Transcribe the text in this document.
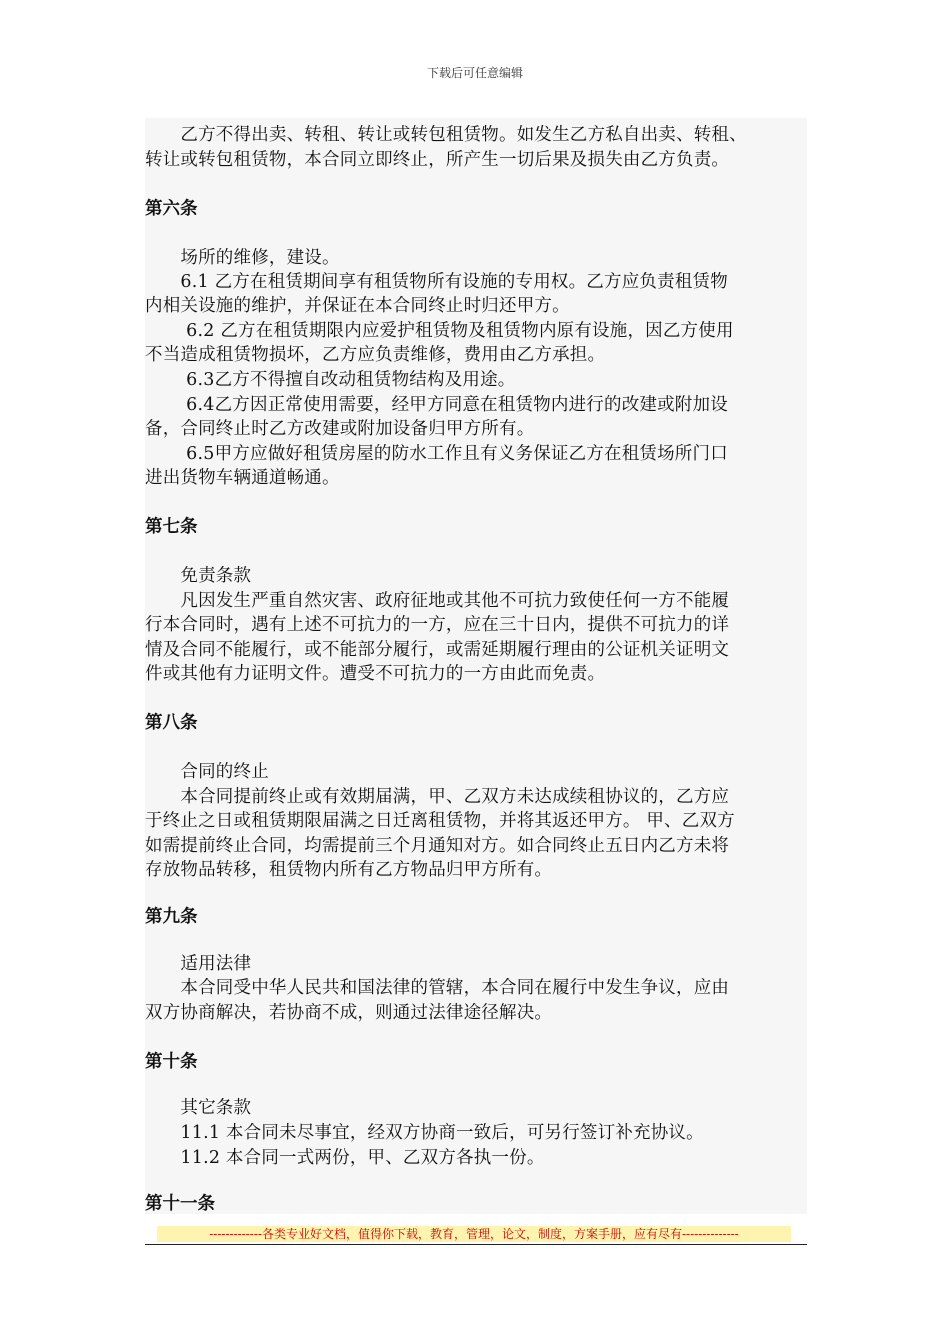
下载后可任意编辑

　　乙方不得出卖、转租、转让或转包租赁物。如发生乙方私自出卖、转租、

转让或转包租赁物，本合同立即终止，所产生一切后果及损失由乙方负责。

第六条

　　场所的维修，建设。

　　6.1 乙方在租赁期间享有租赁物所有设施的专用权。乙方应负责租赁物

内相关设施的维护，并保证在本合同终止时归还甲方。

　　 6.2 乙方在租赁期限内应爱护租赁物及租赁物内原有设施，因乙方使用

不当造成租赁物损坏，乙方应负责维修，费用由乙方承担。

　　 6.3乙方不得擅自改动租赁物结构及用途。

　　 6.4乙方因正常使用需要，经甲方同意在租赁物内进行的改建或附加设

备，合同终止时乙方改建或附加设备归甲方所有。

　　 6.5甲方应做好租赁房屋的防水工作且有义务保证乙方在租赁场所门口

进出货物车辆通道畅通。

第七条

　　免责条款

　　凡因发生严重自然灾害、政府征地或其他不可抗力致使任何一方不能履

行本合同时，遇有上述不可抗力的一方，应在三十日内，提供不可抗力的详

情及合同不能履行，或不能部分履行，或需延期履行理由的公证机关证明文

件或其他有力证明文件。遭受不可抗力的一方由此而免责。

第八条

　　合同的终止

　　本合同提前终止或有效期届满，甲、乙双方未达成续租协议的，乙方应

于终止之日或租赁期限届满之日迁离租赁物，并将其返还甲方。 甲、乙双方

如需提前终止合同，均需提前三个月通知对方。如合同终止五日内乙方未将

存放物品转移，租赁物内所有乙方物品归甲方所有。

第九条

　　适用法律

　　本合同受中华人民共和国法律的管辖，本合同在履行中发生争议，应由

双方协商解决，若协商不成，则通过法律途径解决。

第十条

　　其它条款

　　11.1 本合同未尽事宜，经双方协商一致后，可另行签订补充协议。

　　11.2 本合同一式两份，甲、乙双方各执一份。

第十一条

-------------各类专业好文档，值得你下载，教育，管理，论文，制度，方案手册，应有尽有--------------
